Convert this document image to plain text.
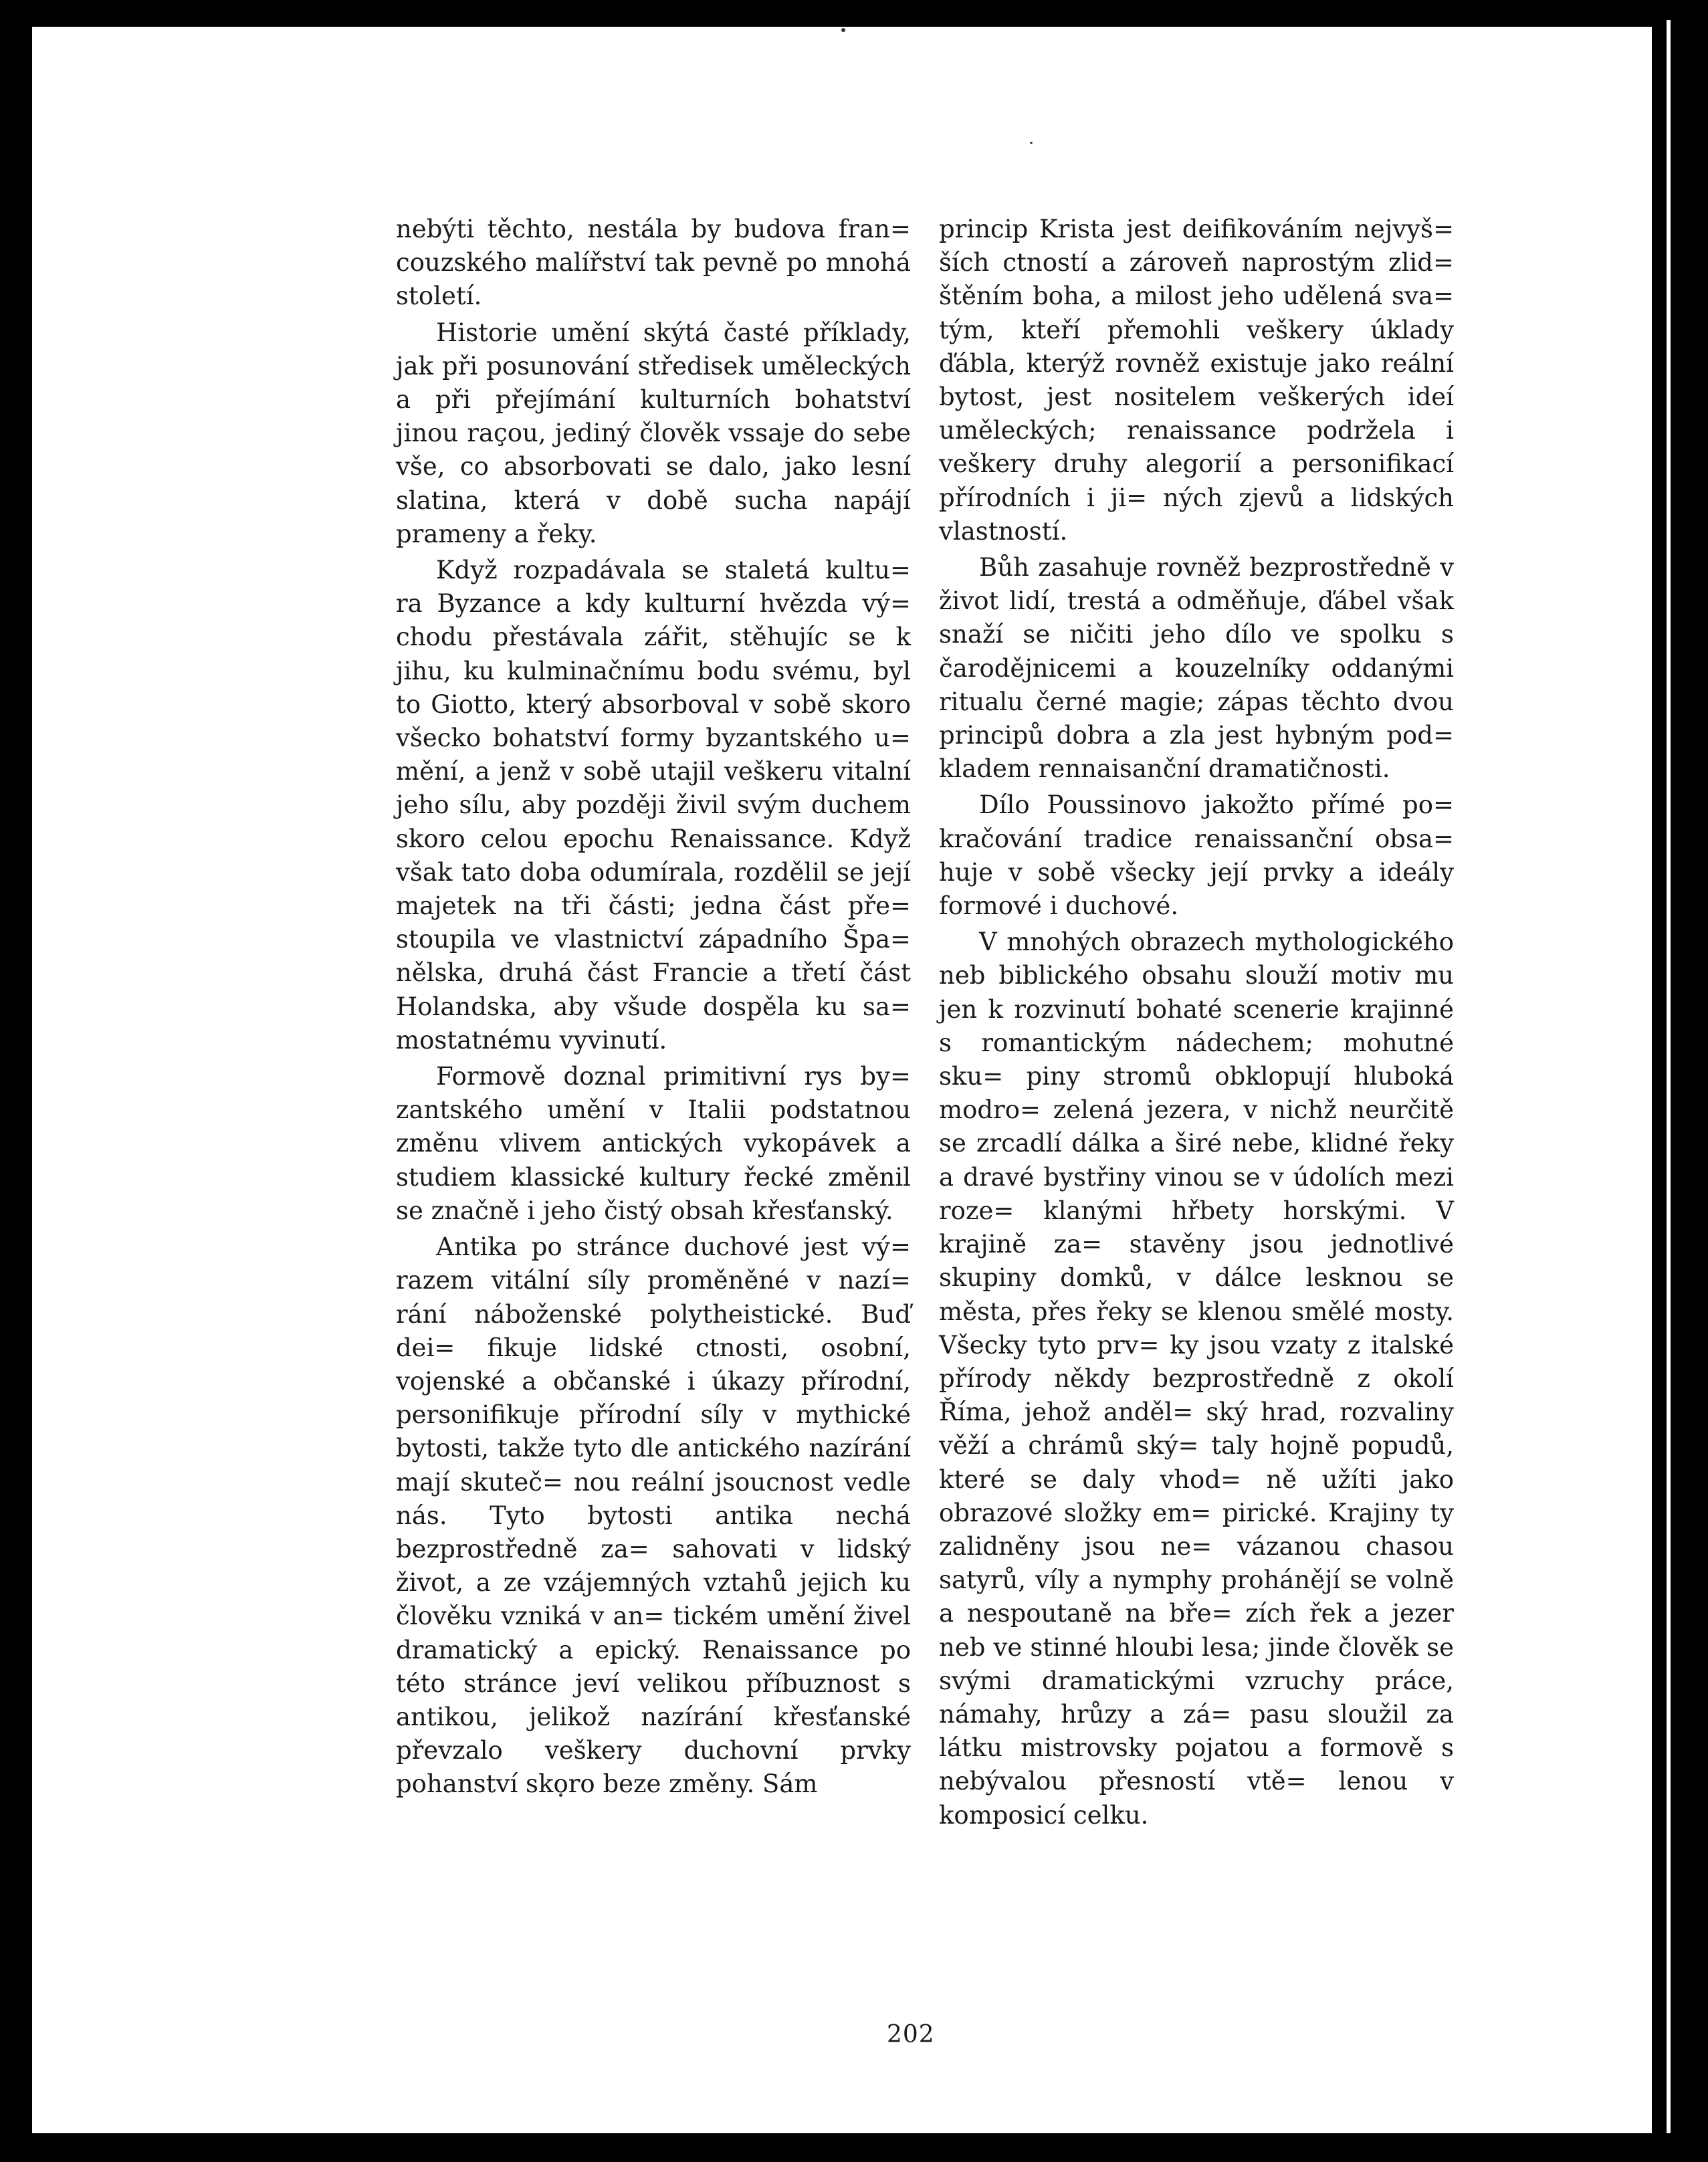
nebýti těchto, nestála by budova fran= couzského malířství tak pevně po mnohá století.

Historie umění skýtá časté příklady, jak při posunování středisek uměleckých a při přejímání kulturních bohatství jinou raçou, jediný člověk vssaje do sebe vše, co absorbovati se dalo, jako lesní slatina, která v době sucha napájí prameny a řeky.

Když rozpadávala se staletá kultu= ra Byzance a kdy kulturní hvězda vý= chodu přestávala zářit, stěhujíc se k jihu, ku kulminačnímu bodu svému, byl to Giotto, který absorboval v sobě skoro všecko bohatství formy byzantského u= mění, a jenž v sobě utajil veškeru vitalní jeho sílu, aby později živil svým duchem skoro celou epochu Renaissance. Když však tato doba odumírala, rozdělil se její majetek na tři části; jedna část pře= stoupila ve vlastnictví západního Špa= nělska, druhá část Francie a třetí část Holandska, aby všude dospěla ku sa= mostatnému vyvinutí.

Formově doznal primitivní rys by= zantského umění v Italii podstatnou změnu vlivem antických vykopávek a studiem klassické kultury řecké změnil se značně i jeho čistý obsah křesťanský.

Antika po stránce duchové jest vý= razem vitální síly proměněné v nazí= rání náboženské polytheistické. Buď dei= fikuje lidské ctnosti, osobní, vojenské a občanské i úkazy přírodní, personifikuje přírodní síly v mythické bytosti, takže tyto dle antického nazírání mají skuteč= nou reální jsoucnost vedle nás. Tyto bytosti antika nechá bezprostředně za= sahovati v lidský život, a ze vzájemných vztahů jejich ku člověku vzniká v an= tickém umění živel dramatický a epický. Renaissance po této stránce jeví velikou příbuznost s antikou, jelikož nazírání křesťanské převzalo veškery duchovní prvky pohanství skoro beze změny. Sám

princip Krista jest deifikováním nejvyš= ších ctností a zároveň naprostým zlid= štěním boha, a milost jeho udělená sva= tým, kteří přemohli veškery úklady ďábla, kterýž rovněž existuje jako reální bytost, jest nositelem veškerých ideí uměleckých; renaissance podržela i veškery druhy alegorií a personifikací přírodních i ji= ných zjevů a lidských vlastností.

Bůh zasahuje rovněž bezprostředně v život lidí, trestá a odměňuje, ďábel však snaží se ničiti jeho dílo ve spolku s čarodějnicemi a kouzelníky oddanými ritualu černé magie; zápas těchto dvou principů dobra a zla jest hybným pod= kladem rennaisanční dramatičnosti.

Dílo Poussinovo jakožto přímé po= kračování tradice renaissanční obsa= huje v sobě všecky její prvky a ideály formové i duchové.

V mnohých obrazech mythologického neb biblického obsahu slouží motiv mu jen k rozvinutí bohaté scenerie krajinné s romantickým nádechem; mohutné sku= piny stromů obklopují hluboká modro= zelená jezera, v nichž neurčitě se zrcadlí dálka a širé nebe, klidné řeky a dravé bystřiny vinou se v údolích mezi roze= klanými hřbety horskými. V krajině za= stavěny jsou jednotlivé skupiny domků, v dálce lesknou se města, přes řeky se klenou smělé mosty. Všecky tyto prv= ky jsou vzaty z italské přírody někdy bezprostředně z okolí Říma, jehož anděl= ský hrad, rozvaliny věží a chrámů ský= taly hojně popudů, které se daly vhod= ně užíti jako obrazové složky em= pirické. Krajiny ty zalidněny jsou ne= vázanou chasou satyrů, víly a nymphy prohánějí se volně a nespoutaně na bře= zích řek a jezer neb ve stinné hloubi lesa; jinde člověk se svými dramatickými vzruchy práce, námahy, hrůzy a zá= pasu sloužil za látku mistrovsky pojatou a formově s nebývalou přesností vtě= lenou v komposicí celku.

202
